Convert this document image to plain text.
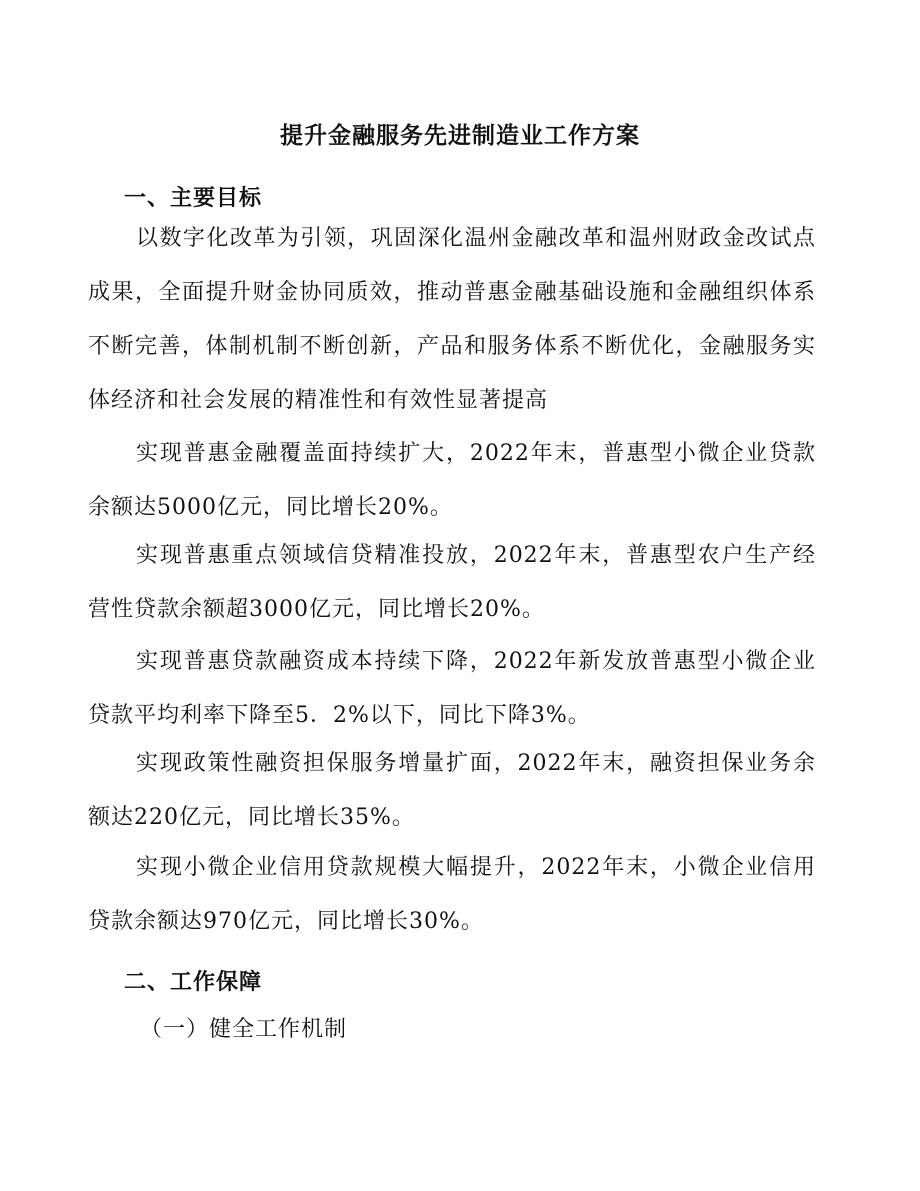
提升金融服务先进制造业工作方案
一、主要目标

以数字化改革为引领，巩固深化温州金融改革和温州财政金改试点成果，全面提升财金协同质效，推动普惠金融基础设施和金融组织体系不断完善，体制机制不断创新，产品和服务体系不断优化，金融服务实体经济和社会发展的精准性和有效性显著提高

实现普惠金融覆盖面持续扩大，2022年末，普惠型小微企业贷款余额达5000亿元，同比增长20%。

实现普惠重点领域信贷精准投放，2022年末，普惠型农户生产经营性贷款余额超3000亿元，同比增长20%。

实现普惠贷款融资成本持续下降，2022年新发放普惠型小微企业贷款平均利率下降至5．2%以下，同比下降3%。

实现政策性融资担保服务增量扩面，2022年末，融资担保业务余额达220亿元，同比增长35%。

实现小微企业信用贷款规模大幅提升，2022年末，小微企业信用贷款余额达970亿元，同比增长30%。

二、工作保障
（一）健全工作机制
